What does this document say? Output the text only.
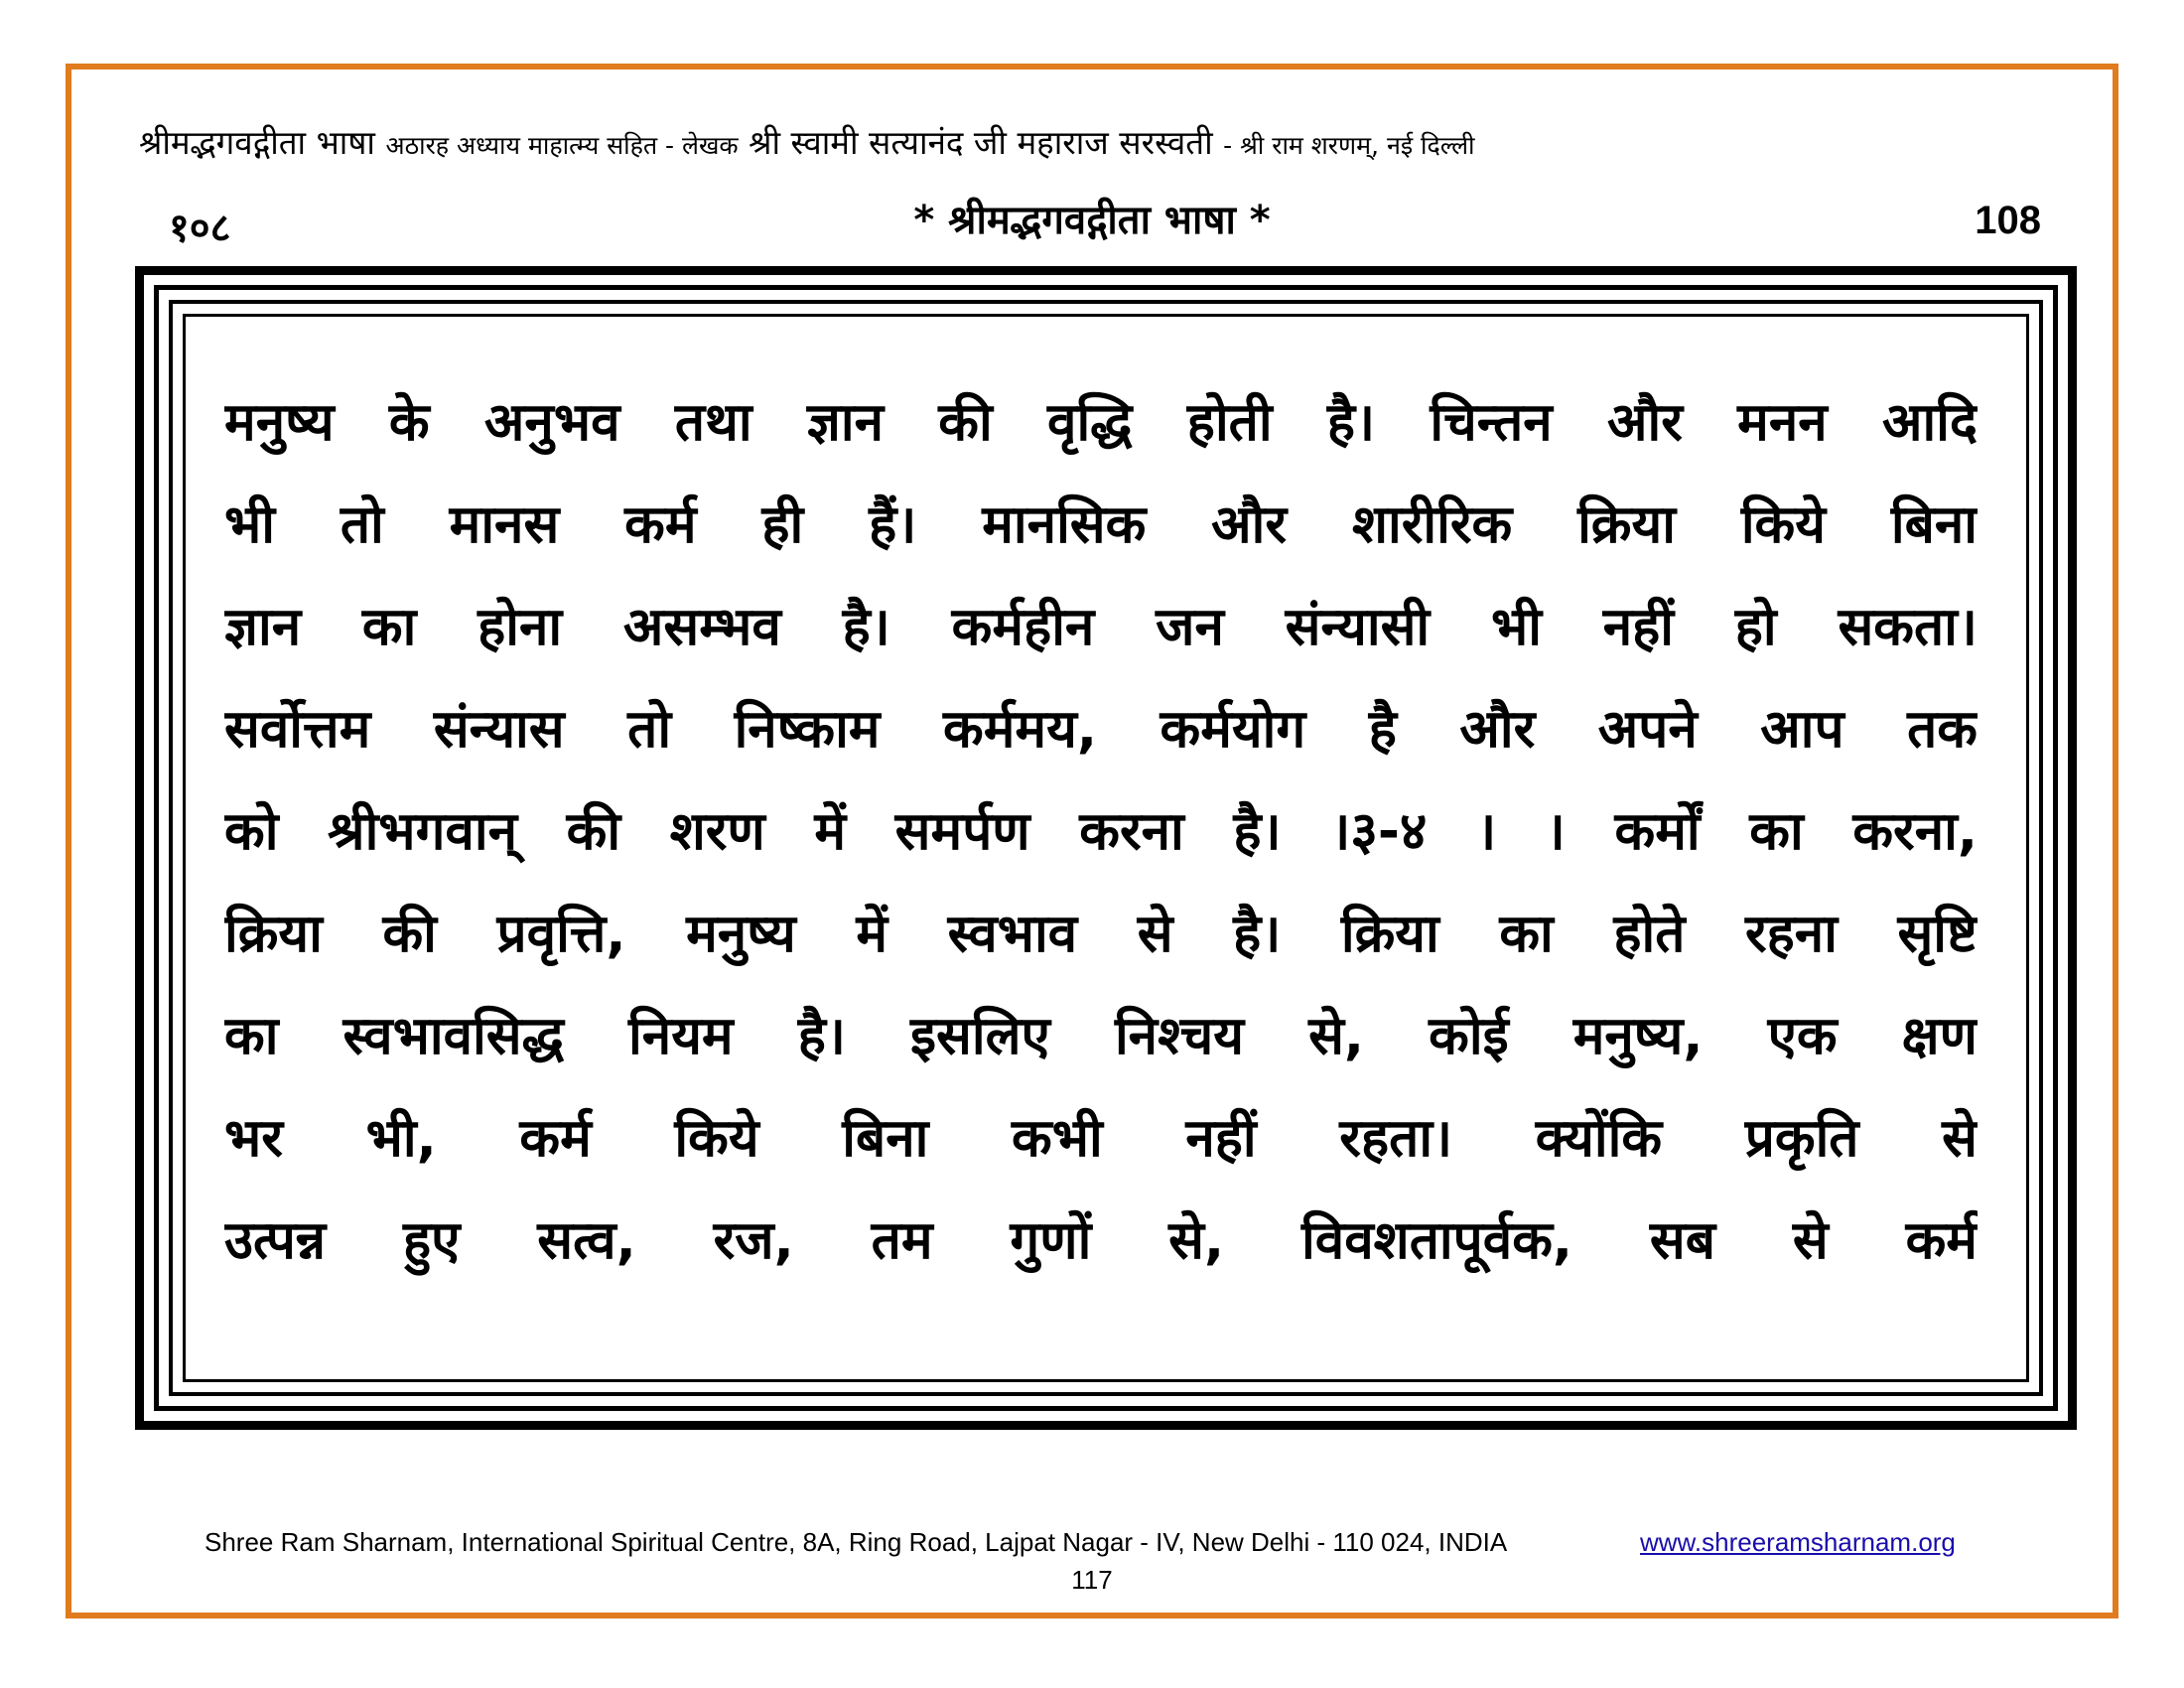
श्रीमद्भगवद्गीता भाषा अठारह अध्याय माहात्म्य सहित - लेखक श्री स्वामी सत्यानंद जी महाराज सरस्वती - श्री राम शरणम्, नई दिल्ली
१०८	* श्रीमद्भगवद्गीता भाषा *	108
मनुष्य के अनुभव तथा ज्ञान की वृद्धि होती है। चिन्तन और मनन आदि
भी तो मानस कर्म ही हैं। मानसिक और शारीरिक क्रिया किये बिना
ज्ञान का होना असम्भव है। कर्महीन जन संन्यासी भी नहीं हो सकता।
सर्वोत्तम संन्यास तो निष्काम कर्ममय, कर्मयोग है और अपने आप तक
को श्रीभगवान् की शरण में समर्पण करना है। ।३-४ । । कर्मों का करना,
क्रिया की प्रवृत्ति, मनुष्य में स्वभाव से है। क्रिया का होते रहना सृष्टि
का स्वभावसिद्ध नियम है। इसलिए निश्चय से, कोई मनुष्य, एक क्षण
भर भी, कर्म किये बिना कभी नहीं रहता। क्योंकि प्रकृति से
उत्पन्न हुए सत्व, रज, तम गुणों से, विवशतापूर्वक, सब से कर्म
Shree Ram Sharnam, International Spiritual Centre, 8A, Ring Road, Lajpat Nagar - IV, New Delhi - 110 024, INDIA	www.shreeramsharnam.org
117
